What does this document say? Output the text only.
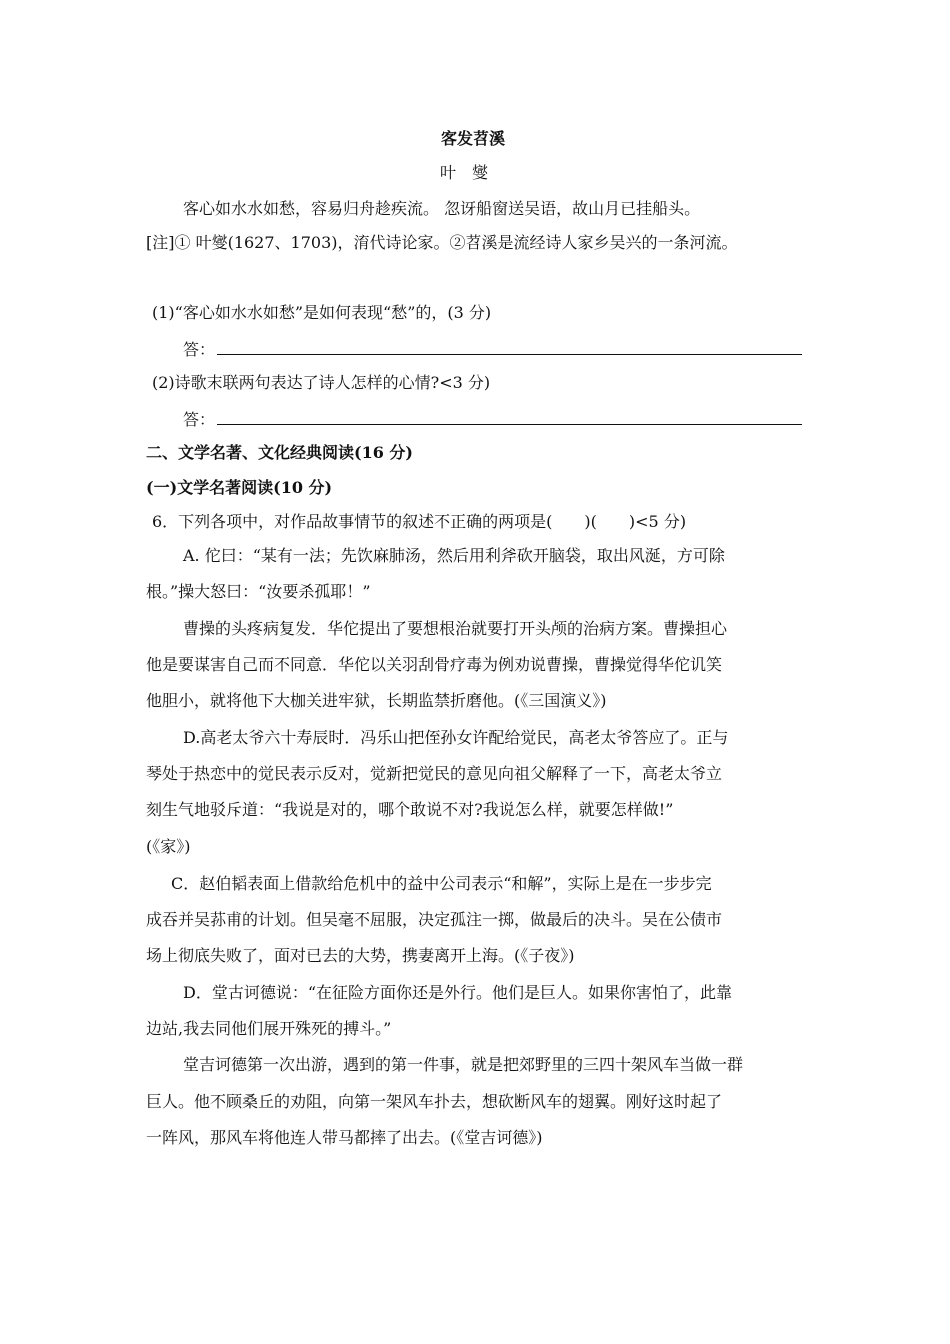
客发苕溪
叶　燮
客心如水水如愁，容易归舟趁疾流。 忽讶船窗送吴语，故山月已挂船头。
[注]① 叶燮(1627、1703)，淯代诗论家。②苕溪是流经诗人家乡吴兴的一条河流。
(1)“客心如水水如愁”是如何表现“愁”的，(3 分)
答：
(2)诗歌末联两句表达了诗人怎样的心情?<3 分)
答：
二、文学名著、文化经典阅读(16 分)
(一)文学名著阅读(10 分)
6．下列各项中，对作品故事情节的叙述不正确的两项是(　　)(　　)<5 分)
A. 佗曰：“某有一法；先饮麻肺汤，然后用利斧砍开脑袋，取出风涎，方可除
根。”操大怒曰：“汝要杀孤耶！”
曹操的头疼病复发．华佗提出了要想根治就要打开头颅的治病方案。曹操担心
他是要谋害自己而不同意．华佗以关羽刮骨疗毒为例劝说曹操，曹操觉得华佗讥笑
他胆小，就将他下大枷关进牢狱，长期监禁折磨他。(《三国演义》)
D.高老太爷六十寿辰时．冯乐山把侄孙女许配给觉民，高老太爷答应了。正与
琴处于热恋中的觉民表示反对，觉新把觉民的意见向祖父解释了一下，高老太爷立
刻生气地驳斥道：“我说是对的，哪个敢说不对?我说怎么样，就要怎样做!”
(《家》)
C．赵伯韬表面上借款给危机中的益中公司表示“和解”，实际上是在一步步完
成吞并吴荪甫的计划。但吴毫不屈服，决定孤注一掷，做最后的决斗。吴在公债市
场上彻底失败了，面对已去的大势，携妻离开上海。(《子夜》)
D．堂古诃德说：“在征险方面你还是外行。他们是巨人。如果你害怕了，此靠
边站,我去同他们展开殊死的搏斗。”
堂吉诃德第一次出游，遇到的第一件事，就是把郊野里的三四十架风车当做一群
巨人。他不顾桑丘的劝阻，向第一架风车扑去，想砍断风车的翅翼。刚好这时起了
一阵风，那风车将他连人带马都摔了出去。(《堂吉诃德》)
